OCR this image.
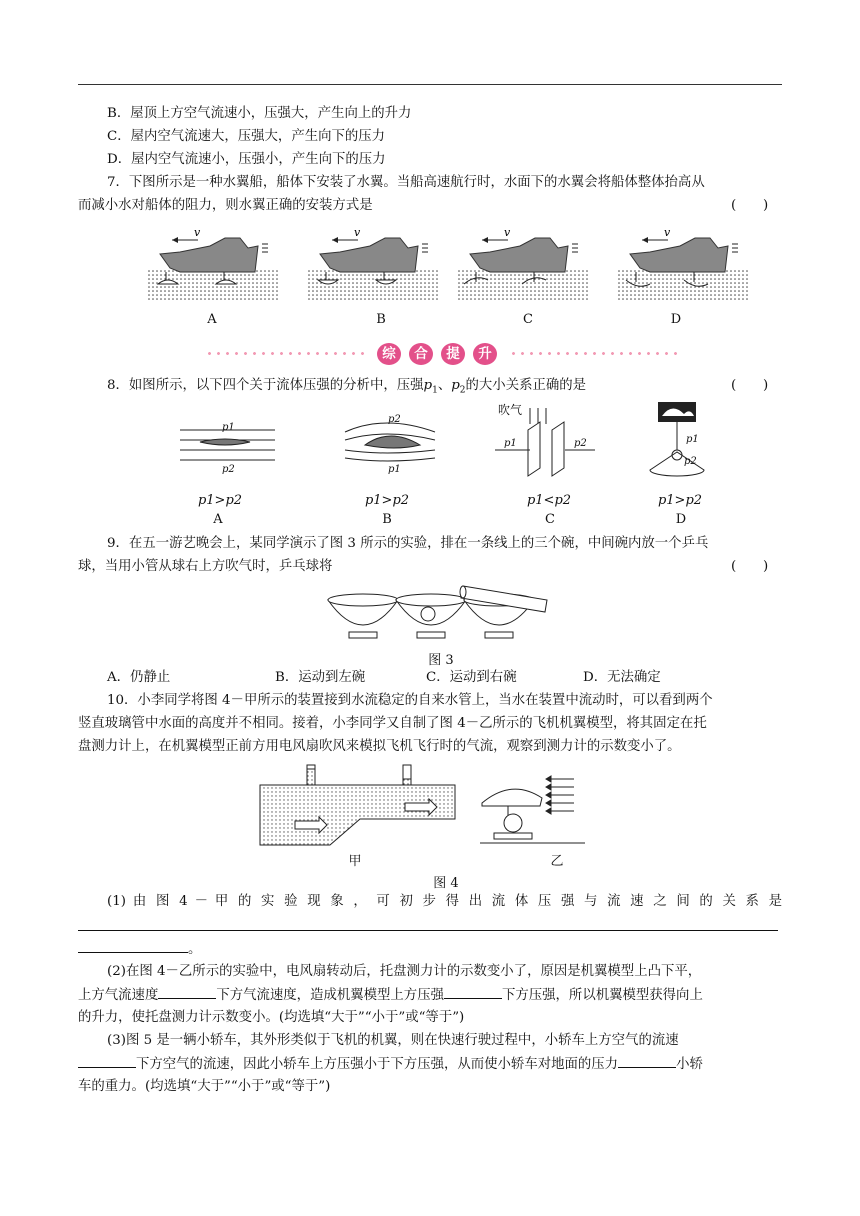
B．屋顶上方空气流速小，压强大，产生向上的升力
C．屋内空气流速大，压强大，产生向下的压力
D．屋内空气流速小，压强小，产生向下的压力
7．下图所示是一种水翼船，船体下安装了水翼。当船高速航行时，水面下的水翼会将船体整体抬高从
而减小水对船体的阻力，则水翼正确的安装方式是	(　　)
v	v	v	v
A	B	C	D
综	合	提	升
8．如图所示，以下四个关于流体压强的分析中，压强$p_1$、$p_2$的大小关系正确的是	(　　)
p1
p2
p2
p1
吹气
p1	p2	p1
p2
p1>p2	p1>p2	p1<p2	p1>p2
A	B	C	D
9．在五一游艺晚会上，某同学演示了图 3 所示的实验，排在一条线上的三个碗，中间碗内放一个乒乓
球，当用小管从球右上方吹气时，乒乓球将	(　　)
图 3
A．仍静止	B．运动到左碗	C．运动到右碗	D．无法确定
10．小李同学将图 4－甲所示的装置接到水流稳定的自来水管上，当水在装置中流动时，可以看到两个
竖直玻璃管中水面的高度并不相同。接着，小李同学又自制了图 4－乙所示的飞机机翼模型，将其固定在托
盘测力计上，在机翼模型正前方用电风扇吹风来模拟飞机飞行时的气流，观察到测力计的示数变小了。
甲	乙
图 4
(1) 由 图 4 － 甲 的 实 验 现 象 ， 可 初 步 得 出 流 体 压 强 与 流 速 之 间 的 关 系 是
。
(2)在图 4－乙所示的实验中，电风扇转动后，托盘测力计的示数变小了，原因是机翼模型上凸下平，
上方气流速度	下方气流速度，造成机翼模型上方压强	下方压强，所以机翼模型获得向上
的升力，使托盘测力计示数变小。(均选填“大于”“小于”或“等于”)
(3)图 5 是一辆小轿车，其外形类似于飞机的机翼，则在快速行驶过程中，小轿车上方空气的流速
下方空气的流速，因此小轿车上方压强小于下方压强，从而使小轿车对地面的压力	小轿
车的重力。(均选填“大于”“小于”或“等于”)
